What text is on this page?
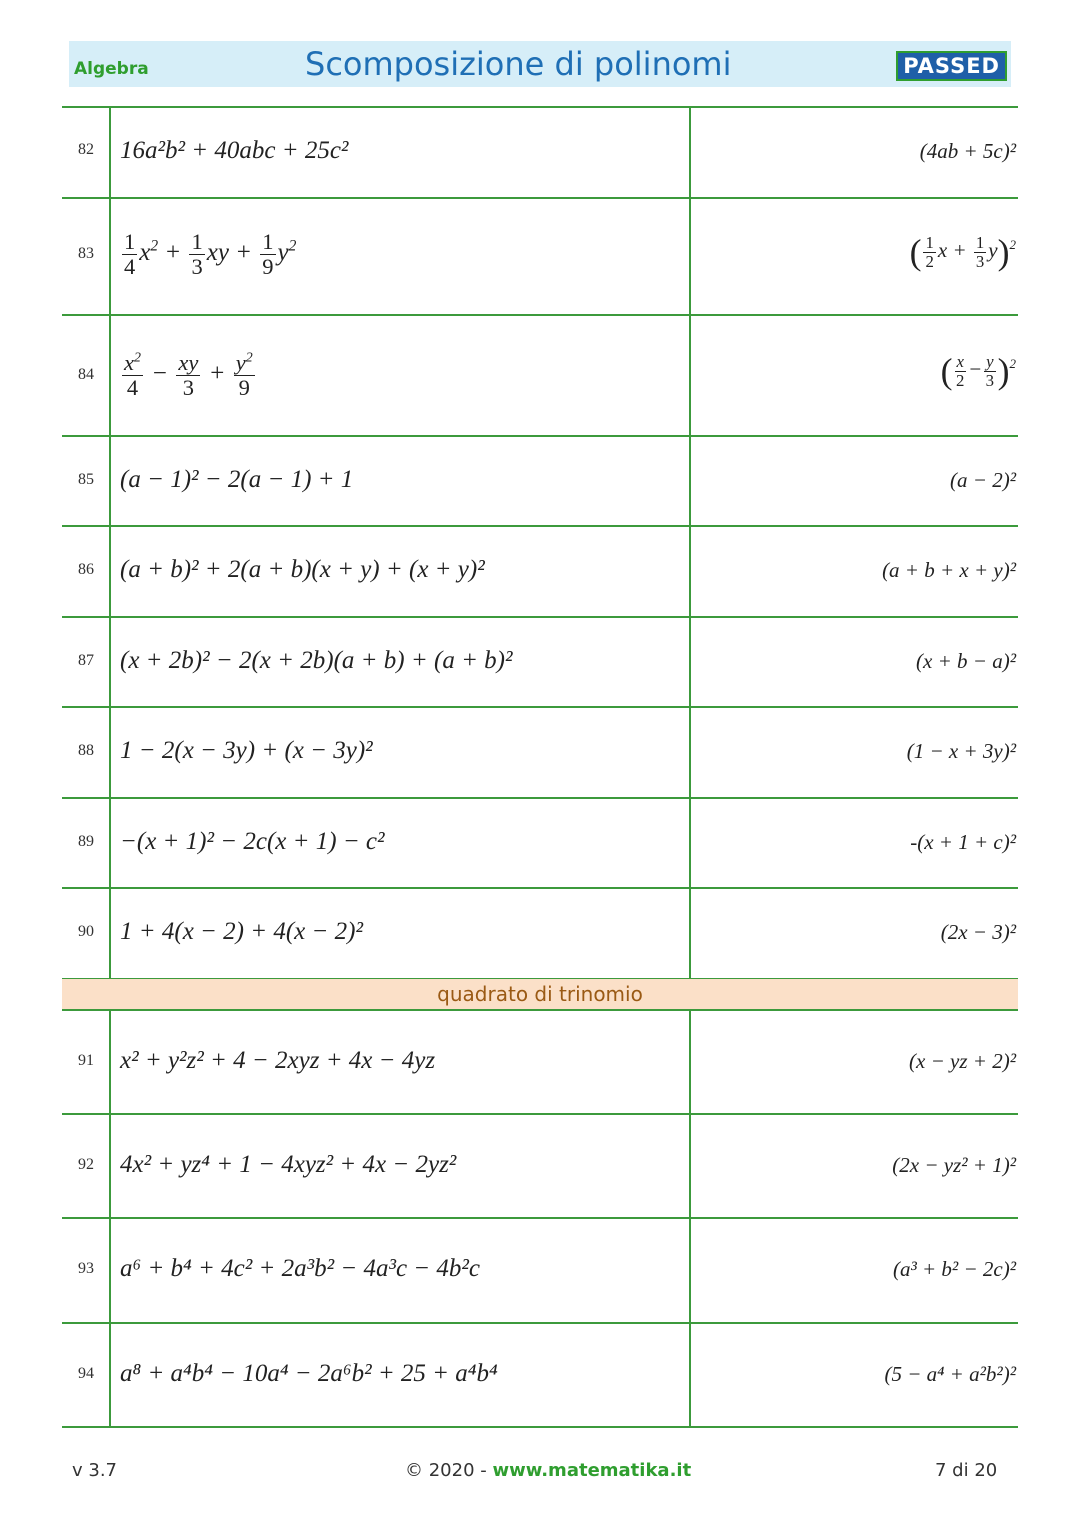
Algebra	Scomposizione di polinomi	PASSED
quadrato di trinomio
82	16a²b² + 40abc + 25c²	(4ab + 5c)²
83	$\frac{1}{4} x^2 + \frac{1}{3}$ xy + $\frac{1}{9} y^2$	( $\frac{1}{2}$ $x + \frac{1}{3} y)^2$
84	$\frac{x^2}{4} - \frac{xy}{3} + \frac{y^2}{9}$	( $\frac{x}{2} - \frac{y}{3} )^2$
85	(a − 1)² − 2(a − 1) + 1	(a − 2)²
86	(a + b)² + 2(a + b)(x + y) + (x + y)²	(a + b + x + y)²
87	(x + 2b)² − 2(x + 2b)(a + b) + (a + b)²	(x + b − a)²
88	1 − 2(x − 3y) + (x − 3y)²	(1 − x + 3y)²
89	−(x + 1)² − 2c(x + 1) − c²	-(x + 1 + c)²
90	1 + 4(x − 2) + 4(x − 2)²	(2x − 3)²
91	x² + y²z² + 4 − 2xyz + 4x − 4yz	(x − yz + 2)²
92	4x² + yz⁴ + 1 − 4xyz² + 4x − 2yz²	(2x − yz² + 1)²
93	a⁶ + b⁴ + 4c² + 2a³b² − 4a³c − 4b²c	(a³ + b² − 2c)²
94	a⁸ + a⁴b⁴ − 10a⁴ − 2a⁶b² + 25 + a⁴b⁴	(5 − a⁴ + a²b²)²
v 3.7	© 2020 - www.matematika.it	7 di 20
